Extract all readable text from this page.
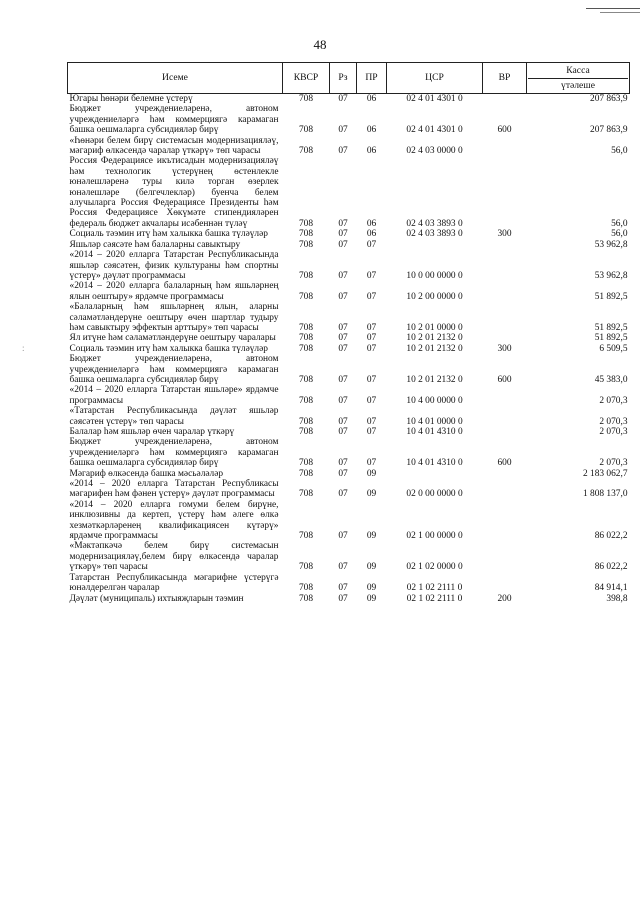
:
48
Исеме	КВСР	Рз	ПР	ЦСР	ВР	Касса
үтәлеше

Югары һөнәри белемне үстерү	708	07	06	02 4 01 4301 0		207 863,9
Бюджет учреждениеләренә, автоном учреждениеләргә һәм коммерциягә карамаган башка оешмаларга субсидияләр бирү	708	07	06	02 4 01 4301 0	600	207 863,9
«Һөнәри белем бирү системасын модернизацияләү, мәгариф өлкәсендә чаралар үткәрү» төп чарасы	708	07	06	02 4 03 0000 0		56,0
Россия Федерациясе икътисадын модернизацияләү һәм технологик үстерүнең өстенлекле юнәлешләренә туры килә торган өзерлек юнәлешләре (белгечлекләр) буенча белем алучыларга Россия Федерациясе Президенты һәм Россия Федерациясе Хөкүмәте стипендияләрен федераль бюджет акчалары исәбеннән түләү	708	07	06	02 4 03 3893 0		56,0
Социаль тәэмин итү һәм халыкка башка түләүләр	708	07	06	02 4 03 3893 0	300	56,0
Яшьләр сәясәте һәм балаларны савыктыру	708	07	07			53 962,8
«2014 – 2020 елларга Татарстан Республикасында яшьләр сәясәтен, физик культураны һәм спортны үстерү» дәүләт программасы	708	07	07	10 0 00 0000 0		53 962,8
«2014 – 2020 елларга балаларның һәм яшьләрнең ялын оештыру» ярдәмче программасы	708	07	07	10 2 00 0000 0		51 892,5
«Балаларның һәм яшьләрнең ялын, аларны сәламәтләндерүне оештыру өчен шартлар тудыру һәм савыктыру эффектын арттыру» төп чарасы	708	07	07	10 2 01 0000 0		51 892,5
Ял итүне һәм сәламәтләндерүне оештыру чаралары	708	07	07	10 2 01 2132 0		51 892,5
Социаль тәэмин итү һәм халыкка башка түләүләр	708	07	07	10 2 01 2132 0	300	6 509,5
Бюджет учреждениеләренә, автоном учреждениеләргә һәм коммерциягә карамаган башка оешмаларга субсидияләр бирү	708	07	07	10 2 01 2132 0	600	45 383,0
«2014 – 2020 елларга Татарстан яшьләре» ярдәмче программасы	708	07	07	10 4 00 0000 0		2 070,3
«Татарстан Республикасында дәүләт яшьләр сәясәтен үстерү» төп чарасы	708	07	07	10 4 01 0000 0		2 070,3
Балалар һәм яшьләр өчен чаралар үткәрү	708	07	07	10 4 01 4310 0		2 070,3
Бюджет учреждениеләренә, автоном учреждениеләргә һәм коммерциягә карамаган башка оешмаларга субсидияләр бирү	708	07	07	10 4 01 4310 0	600	2 070,3
Мәгариф өлкәсендә башка мәсьәләләр	708	07	09			2 183 062,7
«2014 – 2020 елларга Татарстан Республикасы мәгарифен һәм фәнен үстерү» дәүләт программасы	708	07	09	02 0 00 0000 0		1 808 137,0
«2014 – 2020 елларга гомуми белем бирүне, инклюзивны да кертеп, үстерү һәм әлеге өлкә хезмәткәрләренең квалификациясен күтәрү» ярдәмче программасы	708	07	09	02 1 00 0000 0		86 022,2
«Мәктәпкәчә белем бирү системасын модернизацияләү,белем бирү өлкәсендә чаралар үткәрү» төп чарасы	708	07	09	02 1 02 0000 0		86 022,2
Татарстан Республикасында мәгарифне үстерүгә юнәлдерелгән чаралар	708	07	09	02 1 02 2111 0		84 914,1
Дәүләт (муниципаль) ихтыяҗларын тәэмин	708	07	09	02 1 02 2111 0	200	398,8
